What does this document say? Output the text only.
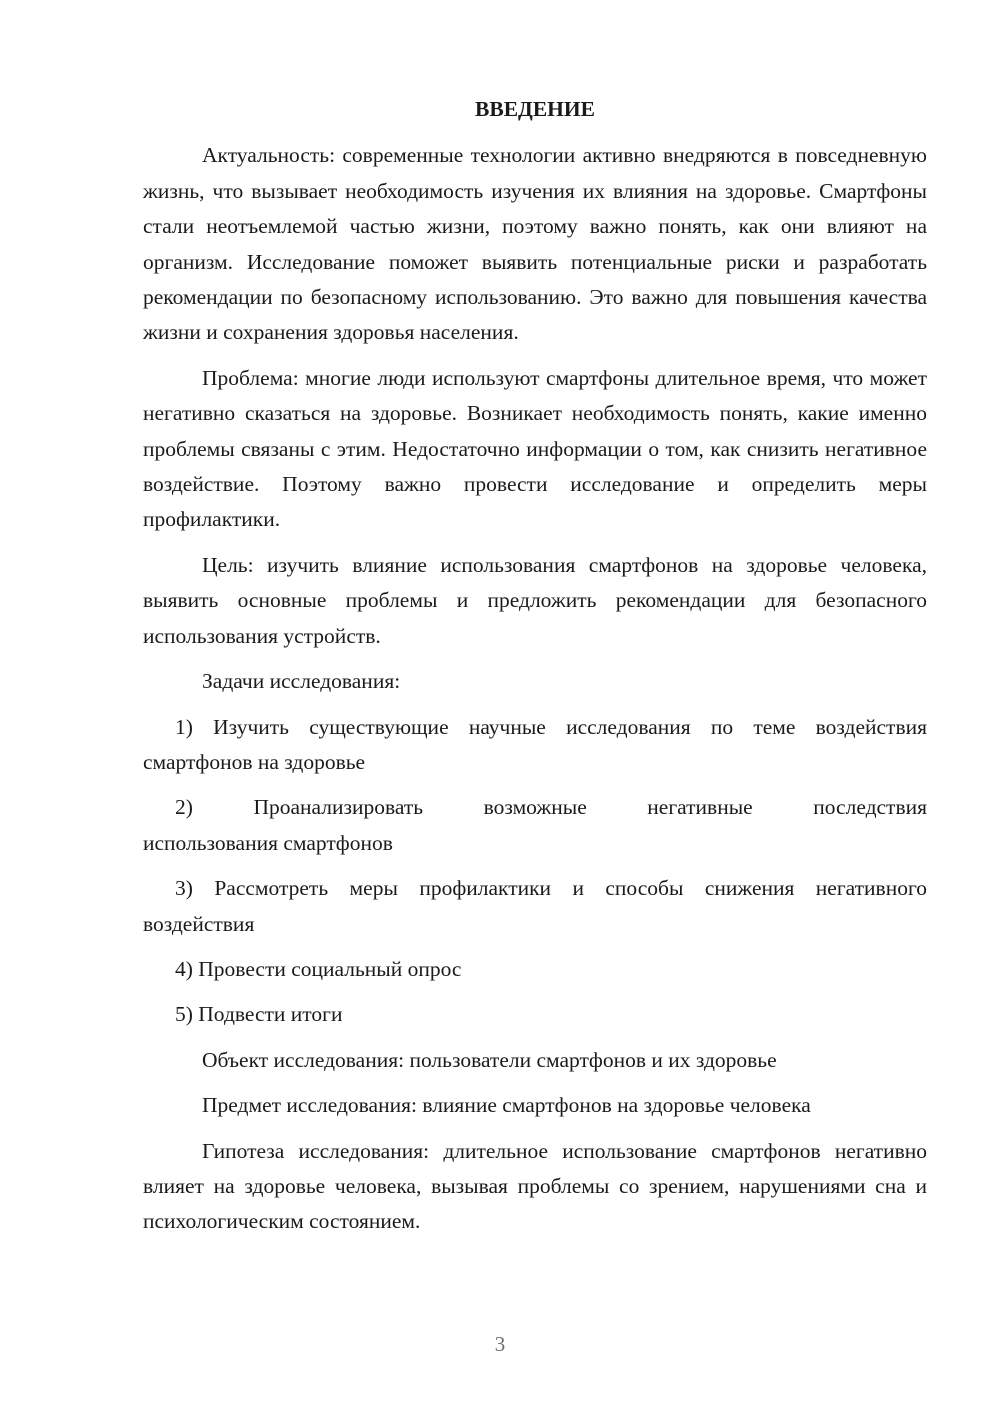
ВВЕДЕНИЕ
Актуальность: современные технологии активно внедряются в повседневную жизнь, что вызывает необходимость изучения их влияния на здоровье. Смартфоны стали неотъемлемой частью жизни, поэтому важно понять, как они влияют на организм. Исследование поможет выявить потенциальные риски и разработать рекомендации по безопасному использованию. Это важно для повышения качества жизни и сохранения здоровья населения.
Проблема: многие люди используют смартфоны длительное время, что может негативно сказаться на здоровье. Возникает необходимость понять, какие именно проблемы связаны с этим. Недостаточно информации о том, как снизить негативное воздействие. Поэтому важно провести исследование и определить меры профилактики.
Цель: изучить влияние использования смартфонов на здоровье человека, выявить основные проблемы и предложить рекомендации для безопасного использования устройств.
Задачи исследования:
1) Изучить существующие научные исследования по теме воздействия
смартфонов на здоровье
2) Проанализировать возможные негативные последствия
использования смартфонов
3) Рассмотреть меры профилактики и способы снижения негативного
воздействия
4) Провести социальный опрос
5) Подвести итоги
Объект исследования: пользователи смартфонов и их здоровье
Предмет исследования: влияние смартфонов на здоровье человека
Гипотеза исследования: длительное использование смартфонов негативно влияет на здоровье человека, вызывая проблемы со зрением, нарушениями сна и психологическим состоянием.
3
